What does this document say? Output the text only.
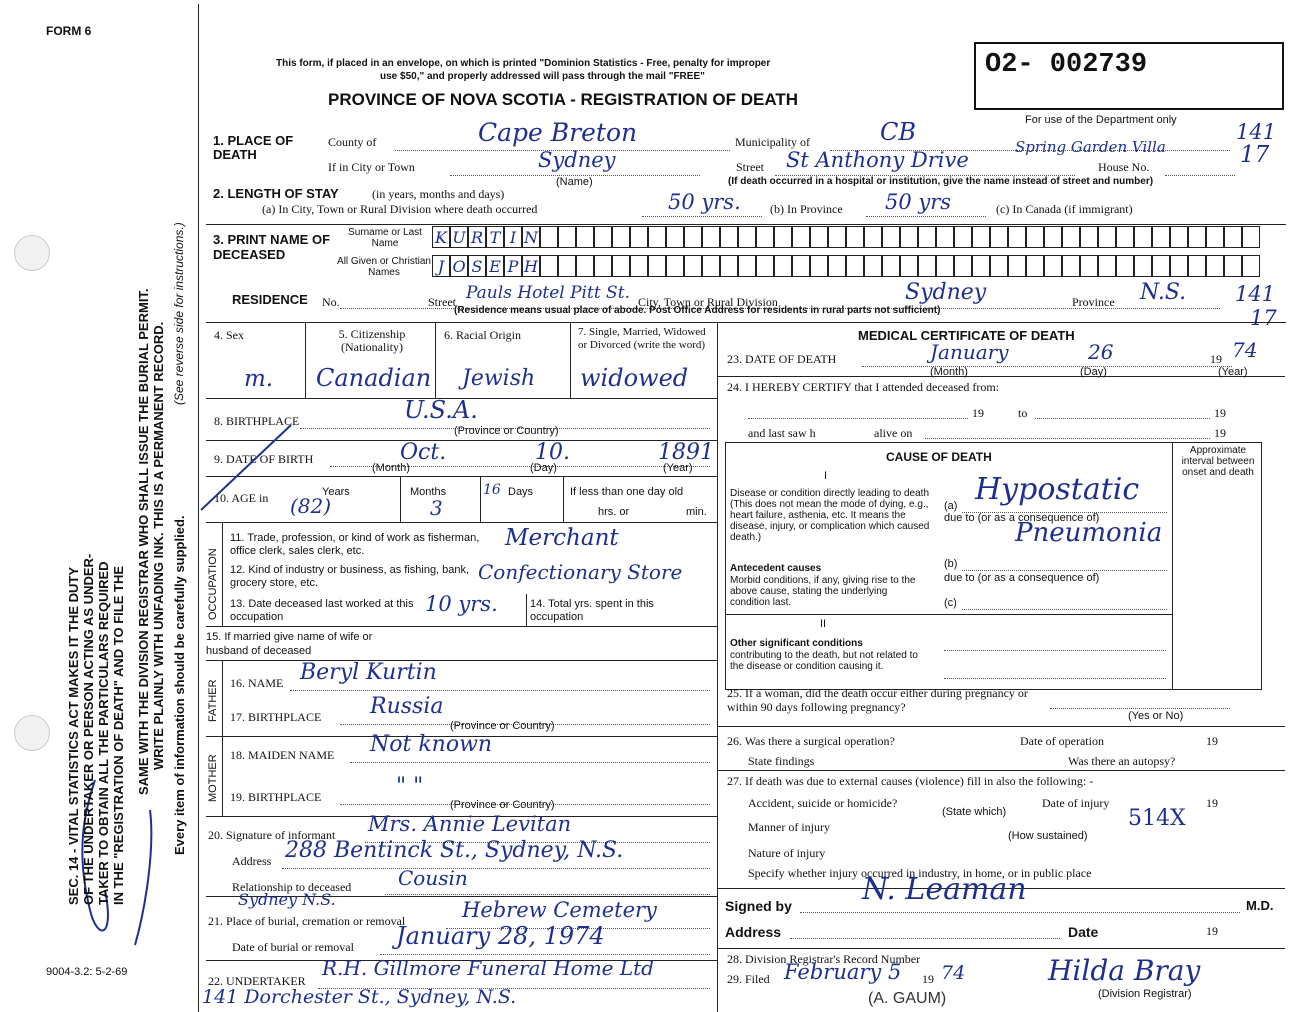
FORM 6
9004-3.2: 5-2-69
SEC. 14 - VITAL STATISTICS ACT MAKES IT THE DUTY OF THE UNDERTAKER OR PERSON ACTING AS UNDER- TAKER TO OBTAIN ALL THE PARTICULARS REQUIRED IN THE "REGISTRATION OF DEATH" AND TO FILE THE SAME WITH THE DIVISION REGISTRAR WHO SHALL ISSUE THE BURIAL PERMIT. WRITE PLAINLY WITH UNFADING INK. THIS IS A PERMANENT RECORD.
(See reverse side for instructions.)
Every item of information should be carefully supplied.
This form, if placed in an envelope, on which is printed "Dominion Statistics - Free, penalty for improper
use $50," and properly addressed will pass through the mail "FREE"
PROVINCE OF NOVA SCOTIA - REGISTRATION OF DEATH
O2- 002739
For use of the Department only
1. PLACE OF DEATH
County of	Cape Breton	Municipality of	CB
Spring Garden Villa
141
If in City or Town	Sydney
(Name)
Street St Anthony Drive	House No.	17
(If death occurred in a hospital or institution, give the name instead of street and number)
2. LENGTH OF STAY	(in years, months and days)
(a) In City, Town or Rural Division where death occurred	50 yrs. (b) In Province 50 yrs	(c) In Canada (if immigrant)
3. PRINT NAME OF DECEASED
Surname or Last Name
All Given or Christian Names
K U R T I N
J O S E P H
RESIDENCE No.	Street Pauls Hotel Pitt St. City, Town or Rural Division	Sydney	Province N.S. 141
(Residence means usual place of abode. Post Office Address for residents in rural parts not sufficient)	17
4. Sex	5. Citizenship (Nationality)
6. Racial Origin	7. Single, Married, Widowed or Divorced (write the word)
m. Canadian Jewish widowed
8. BIRTHPLACE	U.S.A.
(Province or Country)
9. DATE OF BIRTH	Oct.	10.	1891
(Month)	(Day)	(Year)
10. AGE in	Years	Months	Days	If less than one day old
(82)	3
16
hrs. or	min.
OCCUPATION
11. Trade, profession, or kind of work as fisherman, office clerk, sales clerk, etc.	Merchant
12. Kind of industry or business, as fishing, bank, grocery store, etc.	Confectionary Store
13. Date deceased last worked at this occupation
10 yrs.	14. Total yrs. spent in this occupation
15. If married give name of wife or husband of deceased
FATHER 16. NAME Beryl Kurtin
17. BIRTHPLACE Russia
(Province or Country)
MOTHER 18. MAIDEN NAME Not known
19. BIRTHPLACE	" "
(Province or Country)
20. Signature of informant Mrs. Annie Levitan
Address 288 Bentinck St., Sydney, N.S.
Relationship to deceased Cousin
Sydney N.S.
21. Place of burial, cremation or removal	Hebrew Cemetery
Date of burial or removal January 28, 1974
22. UNDERTAKER
R.H. Gillmore Funeral Home Ltd
141 Dorchester St., Sydney, N.S.
MEDICAL CERTIFICATE OF DEATH
23. DATE OF DEATH	January	26	19 74
(Month)	(Day)	(Year)
24. I HEREBY CERTIFY that I attended deceased from:
19	to	19
and last saw h	alive on	19
CAUSE OF DEATH	Approximate interval between onset and death
I
Disease or condition directly leading to death (This does not mean the mode of dying, e.g., heart failure, asthenia, etc. It means the disease, injury, or complication which caused death.)
(a) Hypostatic
due to (or as a consequence of)
Pneumonia
Antecedent causes
Morbid conditions, if any, giving rise to the above cause, stating the underlying condition last.
(b)
due to (or as a consequence of)
(c)
II
Other significant conditions
contributing to the death, but not related to the disease or condition causing it.
25. If a woman, did the death occur either during pregnancy or within 90 days following pregnancy?
(Yes or No)
26. Was there a surgical operation?	Date of operation	19
State findings	Was there an autopsy?
27. If death was due to external causes (violence) fill in also the following: -
Accident, suicide or homicide?	Date of injury	19
(State which)
Manner of injury	514X
(How sustained)
Nature of injury
Specify whether injury occurred in industry, in home, or in public place
Signed by N. Leaman	M.D.
Address	Date	19
28. Division Registrar's Record Number
29. Filed February 5 19 74	Hilda Bray
(Division Registrar)
(A. GAUM)
